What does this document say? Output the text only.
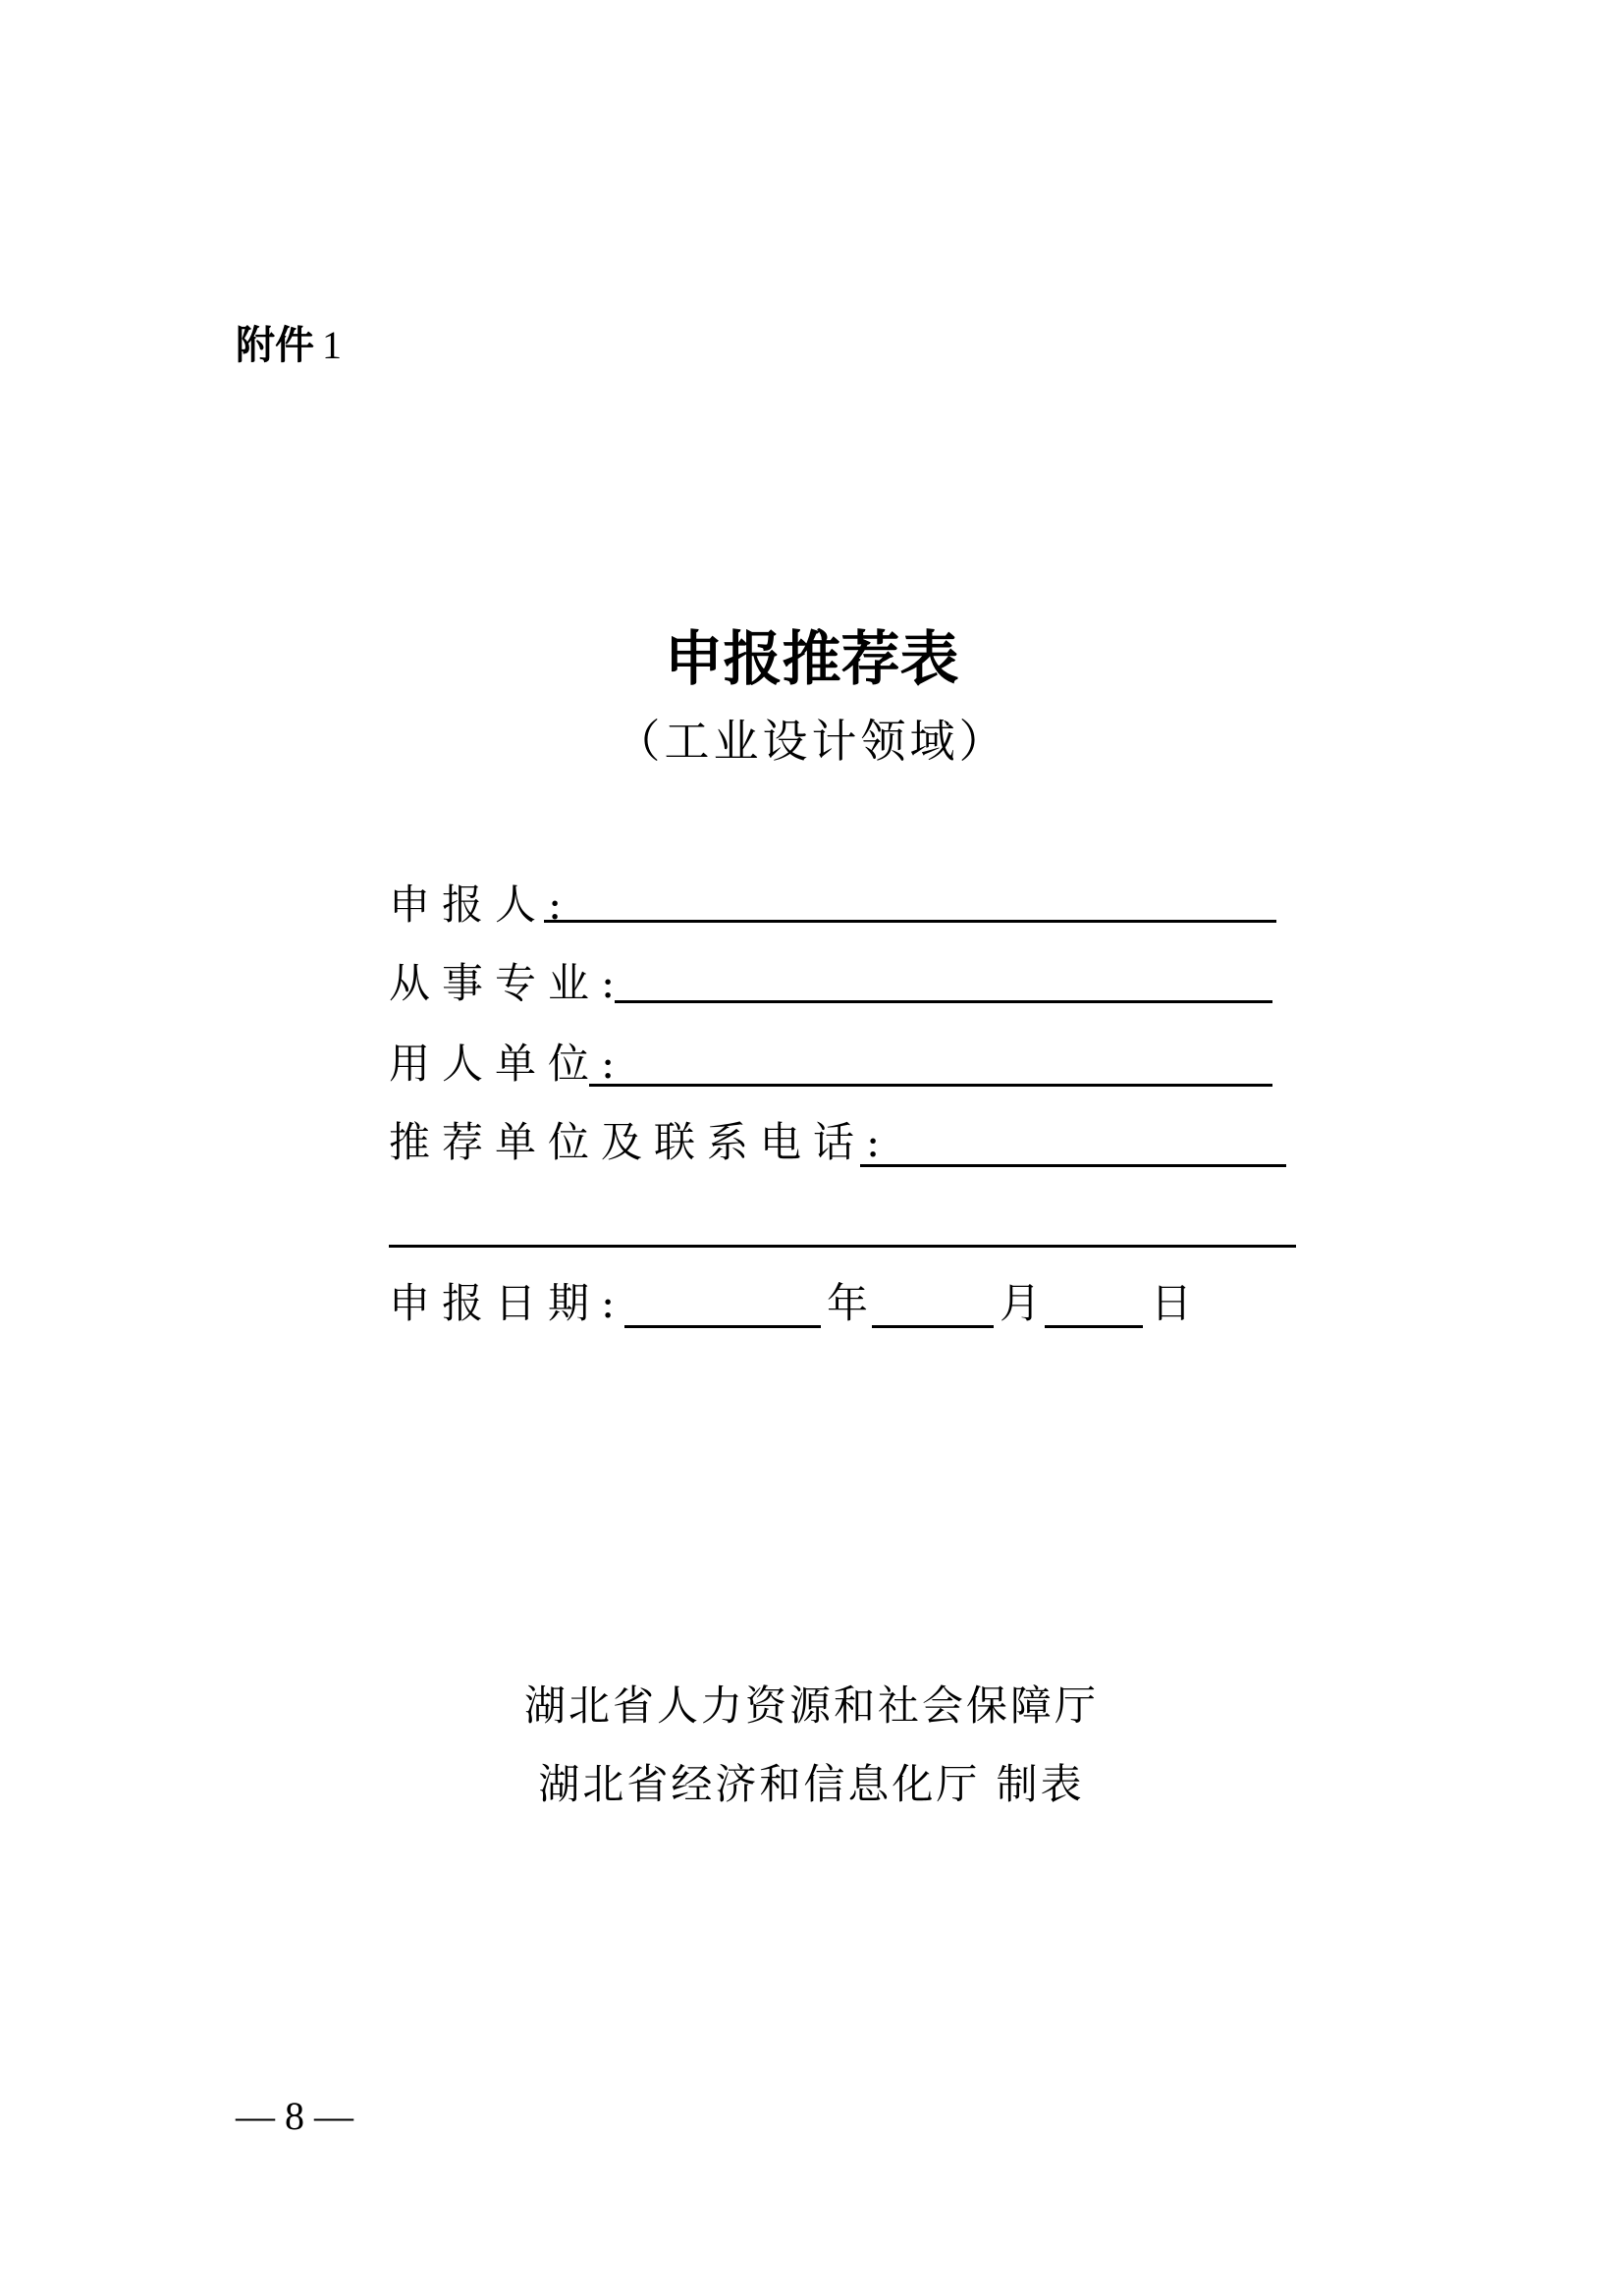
附件 1
申报推荐表
（工业设计领域）
申报人:
从事专业:
用人单位:
推荐单位及联系电话:
申报日期:	年	月	日
湖北省人力资源和社会保障厅
湖北省经济和信息化厅 制表
— 8 —
